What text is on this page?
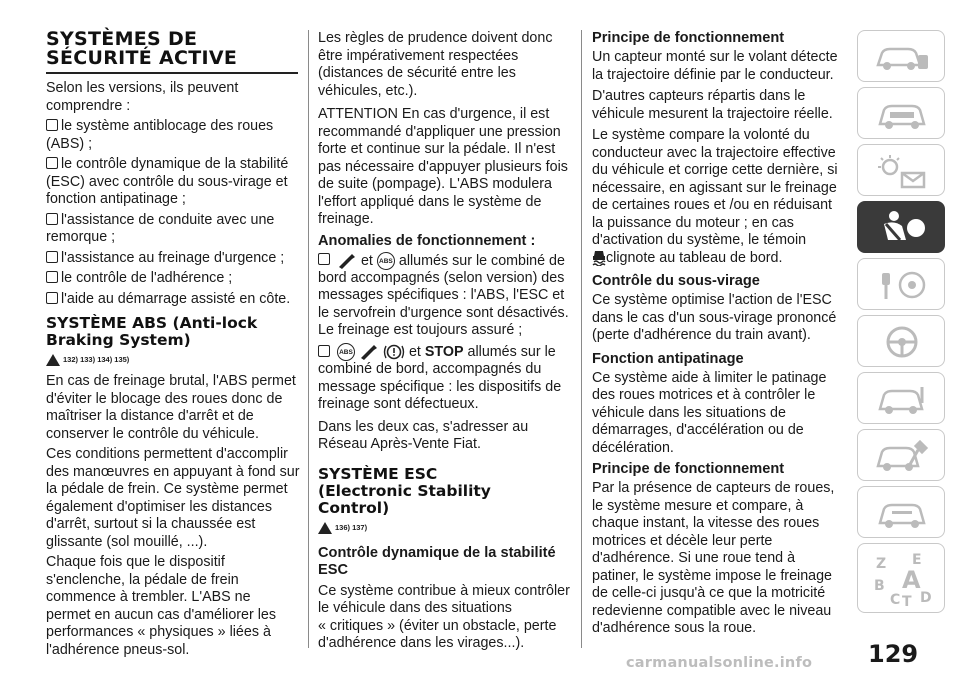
SYSTÈMES DE
SÉCURITÉ ACTIVE

Selon les versions, ils peuvent
comprendre :

le système antiblocage des roues
(ABS) ;

le contrôle dynamique de la stabilité
(ESC) avec contrôle du sous-virage et
fonction antipatinage ;

l'assistance de conduite avec une
remorque ;

l'assistance au freinage d'urgence ;

le contrôle de l'adhérence ;

l'aide au démarrage assisté en côte.

SYSTÈME ABS (Anti-lock
Braking System)
132) 133) 134) 135)

En cas de freinage brutal, l'ABS permet
d'éviter le blocage des roues donc de
maîtriser la distance d'arrêt et de
conserver le contrôle du véhicule.

Ces conditions permettent d'accomplir
des manœuvres en appuyant à fond sur
la pédale de frein. Ce système permet
également d'optimiser les distances
d'arrêt, surtout si la chaussée est
glissante (sol mouillé, ...).

Chaque fois que le dispositif
s'enclenche, la pédale de frein
commence à trembler. L'ABS ne
permet en aucun cas d'améliorer les
performances « physiques » liées à
l'adhérence pneus-sol.

Les règles de prudence doivent donc
être impérativement respectées
(distances de sécurité entre les
véhicules, etc.).

ATTENTION En cas d'urgence, il est
recommandé d'appliquer une pression
forte et continue sur la pédale. Il n'est
pas nécessaire d'appuyer plusieurs fois
de suite (pompage). L'ABS modulera
l'effort appliqué dans le système de
freinage.

Anomalies de fonctionnement :

et ABS allumés sur le combiné de
bord accompagnés (selon version) des
messages spécifiques : l'ABS, l'ESC et
le servofrein d'urgence sont désactivés.
Le freinage est toujours assuré ;

ABS	et STOP allumés sur le
combiné de bord, accompagnés du
message spécifique : les dispositifs de
freinage sont défectueux.

Dans les deux cas, s'adresser au
Réseau Après-Vente Fiat.

SYSTÈME ESC
(Electronic Stability
Control)
136) 137)
Contrôle dynamique de la stabilité
ESC

Ce système contribue à mieux contrôler
le véhicule dans des situations
« critiques » (éviter un obstacle, perte
d'adhérence dans les virages...).

Principe de fonctionnement

Un capteur monté sur le volant détecte
la trajectoire définie par le conducteur.

D'autres capteurs répartis dans le
véhicule mesurent la trajectoire réelle.

Le système compare la volonté du
conducteur avec la trajectoire effective
du véhicule et corrige cette dernière, si
nécessaire, en agissant sur le freinage
de certaines roues et /ou en réduisant
la puissance du moteur ; en cas
d'activation du système, le témoin
clignote au tableau de bord.

Contrôle du sous-virage

Ce système optimise l'action de l'ESC
dans le cas d'un sous-virage prononcé
(perte d'adhérence du train avant).

Fonction antipatinage

Ce système aide à limiter le patinage
des roues motrices et à contrôler le
véhicule dans les situations de
démarrages, d'accélération ou de
décélération.

Principe de fonctionnement

Par la présence de capteurs de roues,
le système mesure et compare, à
chaque instant, la vitesse des roues
motrices et décèle leur perte
d'adhérence. Si une roue tend à
patiner, le système impose le freinage
de celle-ci jusqu'à ce que la motricité
redevienne compatible avec le niveau
d'adhérence sous la roue.

Z E
B A
C T D
129
carmanualsonline.info
